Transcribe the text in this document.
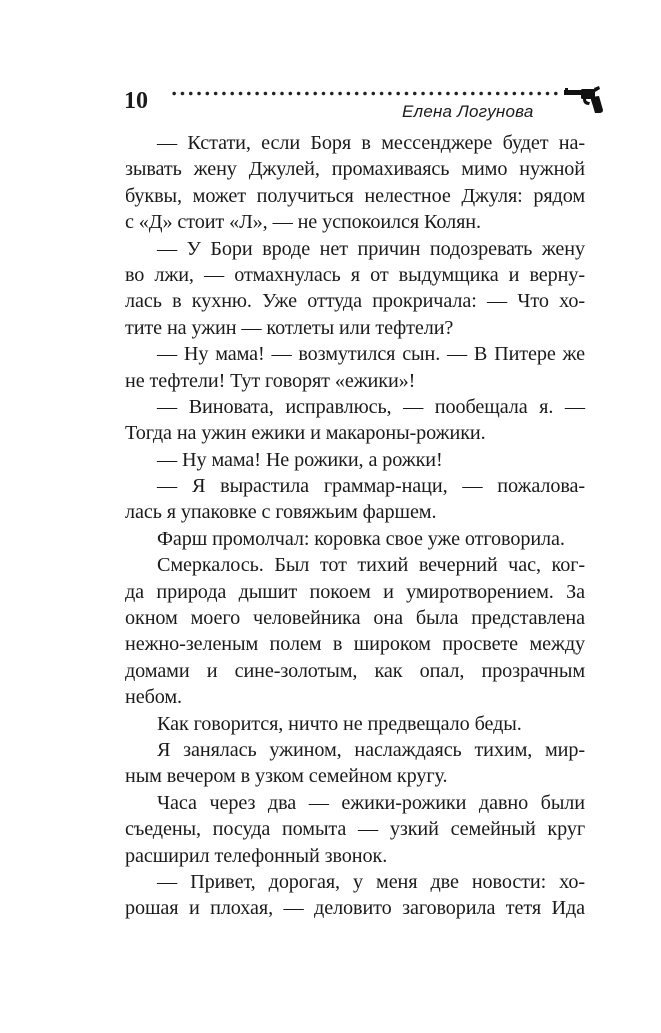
10	Елена Логунова
— Кстати, если Боря в мессенджере будет на-
зывать жену Джулей, промахиваясь мимо нужной
буквы, может получиться нелестное Джуля: рядом
с «Д» стоит «Л», — не успокоился Колян.
— У Бори вроде нет причин подозревать жену
во лжи, — отмахнулась я от выдумщика и верну-
лась в кухню. Уже оттуда прокричала: — Что хо-
тите на ужин — котлеты или тефтели?
— Ну мама! — возмутился сын. — В Питере же
не тефтели! Тут говорят «ежики»!
— Виновата, исправлюсь, — пообещала я. —
Тогда на ужин ежики и макароны-рожики.
— Ну мама! Не рожики, а рожки!
— Я вырастила граммар-наци, — пожалова-
лась я упаковке с говяжьим фаршем.
Фарш промолчал: коровка свое уже отговорила.
Смеркалось. Был тот тихий вечерний час, ког-
да природа дышит покоем и умиротворением. За
окном моего человейника она была представлена
нежно-зеленым полем в широком просвете между
домами и сине-золотым, как опал, прозрачным
небом.
Как говорится, ничто не предвещало беды.
Я занялась ужином, наслаждаясь тихим, мир-
ным вечером в узком семейном кругу.
Часа через два — ежики-рожики давно были
съедены, посуда помыта — узкий семейный круг
расширил телефонный звонок.
— Привет, дорогая, у меня две новости: хо-
рошая и плохая, — деловито заговорила тетя Ида
